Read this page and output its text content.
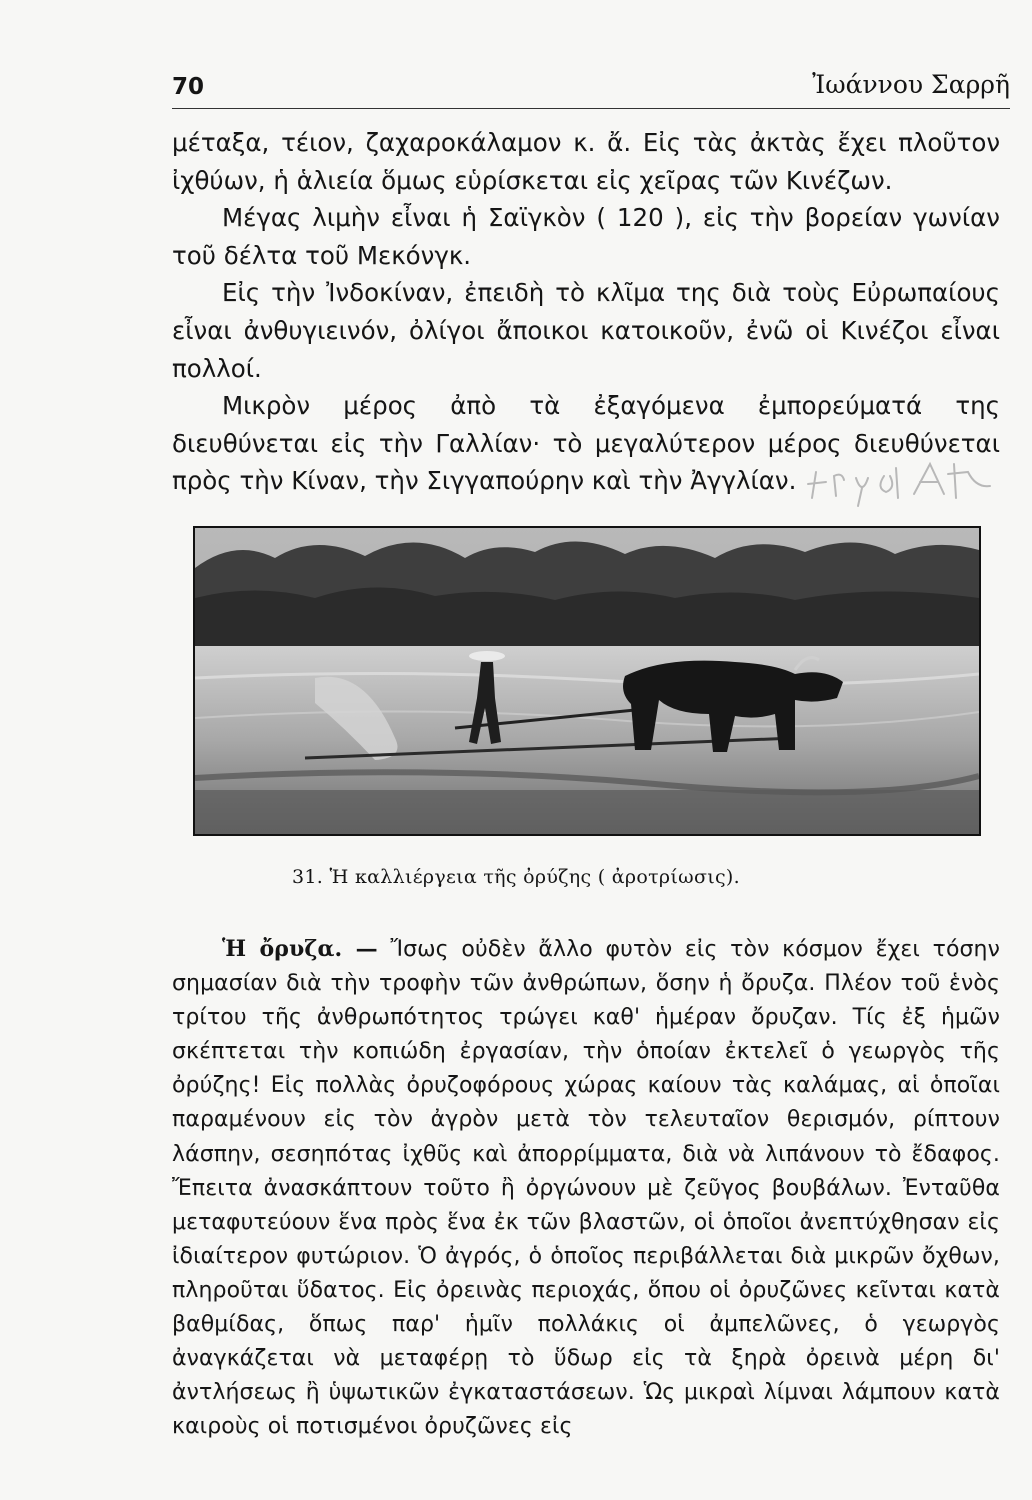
70	Ἰωάννου Σαρρῆ

μέταξα, τέιον, ζαχαροκάλαμον κ. ἄ. Εἰς τὰς ἀκτὰς ἔχει πλοῦτον ἰχθύων, ἡ ἁλιεία ὅμως εὑρίσκεται εἰς χεῖρας τῶν Κινέζων.

Μέγας λιμὴν εἶναι ἡ Σαϊγκὸν ( 120 ), εἰς τὴν βορείαν γωνίαν τοῦ δέλτα τοῦ Μεκόνγκ.

Εἰς τὴν Ἰνδοκίναν, ἐπειδὴ τὸ κλῖμα της διὰ τοὺς Εὐρωπαίους εἶναι ἀνθυγιεινόν, ὀλίγοι ἄποικοι κατοικοῦν, ἐνῶ οἱ Κινέζοι εἶναι πολλοί.

Μικρὸν μέρος ἀπὸ τὰ ἐξαγόμενα ἐμπορεύματά της διευθύνεται εἰς τὴν Γαλλίαν· τὸ μεγαλύτερον μέρος διευθύνεται πρὸς τὴν Κίναν, τὴν Σιγγαπούρην καὶ τὴν Ἀγγλίαν.

31. Ἡ καλλιέργεια τῆς ὀρύζης ( ἀροτρίωσις).

Ἡ ὄρυζα. — Ἴσως οὐδὲν ἄλλο φυτὸν εἰς τὸν κόσμον ἔχει τόσην σημασίαν διὰ τὴν τροφὴν τῶν ἀνθρώπων, ὅσην ἡ ὄρυζα. Πλέον τοῦ ἑνὸς τρίτου τῆς ἀνθρωπότητος τρώγει καθ' ἡμέραν ὄρυζαν. Τίς ἐξ ἡμῶν σκέπτεται τὴν κοπιώδη ἐργασίαν, τὴν ὁποίαν ἐκτελεῖ ὁ γεωργὸς τῆς ὀρύζης! Εἰς πολλὰς ὀρυζοφόρους χώρας καίουν τὰς καλάμας, αἱ ὁποῖαι παραμένουν εἰς τὸν ἀγρὸν μετὰ τὸν τελευταῖον θερισμόν, ρίπτουν λάσπην, σεσηπότας ἰχθῦς καὶ ἀπορρίμματα, διὰ νὰ λιπάνουν τὸ ἔδαφος. Ἔπειτα ἀνασκάπτουν τοῦτο ἢ ὀργώνουν μὲ ζεῦγος βουβάλων. Ἐνταῦθα μεταφυτεύουν ἕνα πρὸς ἕνα ἐκ τῶν βλαστῶν, οἱ ὁποῖοι ἀνεπτύχθησαν εἰς ἰδιαίτερον φυτώριον. Ὁ ἀγρός, ὁ ὁποῖος περιβάλλεται διὰ μικρῶν ὄχθων, πληροῦται ὕδατος. Εἰς ὀρεινὰς περιοχάς, ὅπου οἱ ὀρυζῶνες κεῖνται κατὰ βαθμίδας, ὅπως παρ' ἡμῖν πολλάκις οἱ ἀμπελῶνες, ὁ γεωργὸς ἀναγκάζεται νὰ μεταφέρῃ τὸ ὕδωρ εἰς τὰ ξηρὰ ὀρεινὰ μέρη δι' ἀντλήσεως ἢ ὑψωτικῶν ἐγκαταστάσεων. Ὡς μικραὶ λίμναι λάμπουν κατὰ καιροὺς οἱ ποτισμένοι ὀρυζῶνες εἰς
